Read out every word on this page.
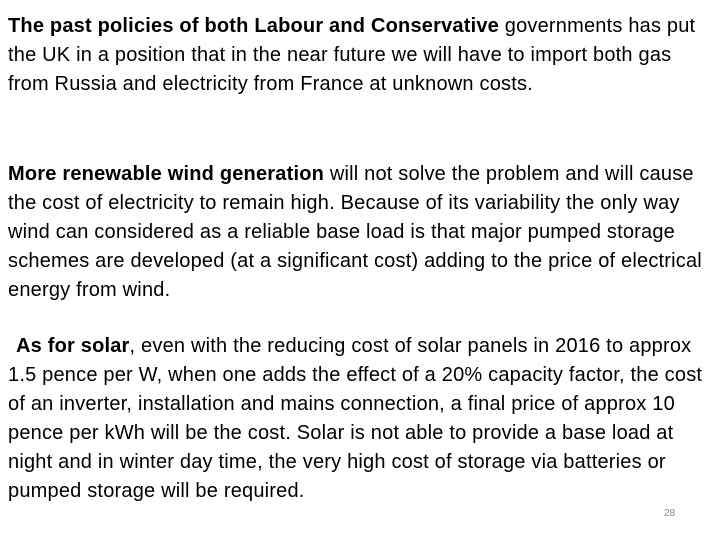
The past policies of both Labour and Conservative governments has put the UK in a position that in the near future we will have to import both gas from Russia and electricity from France at unknown costs.

More renewable wind generation will not solve the problem and will cause the cost of electricity to remain high. Because of its variability the only way wind can considered as a reliable base load is that major pumped storage schemes are developed (at a significant cost) adding to the price of electrical energy from wind.

As for solar, even with the reducing cost of solar panels in 2016 to approx 1.5 pence per W, when one adds the effect of a 20% capacity factor, the cost of an inverter, installation and mains connection, a final price of approx 10 pence per kWh will be the cost. Solar is not able to provide a base load at night and in winter day time, the very high cost of storage via batteries or pumped storage will be required.

28
